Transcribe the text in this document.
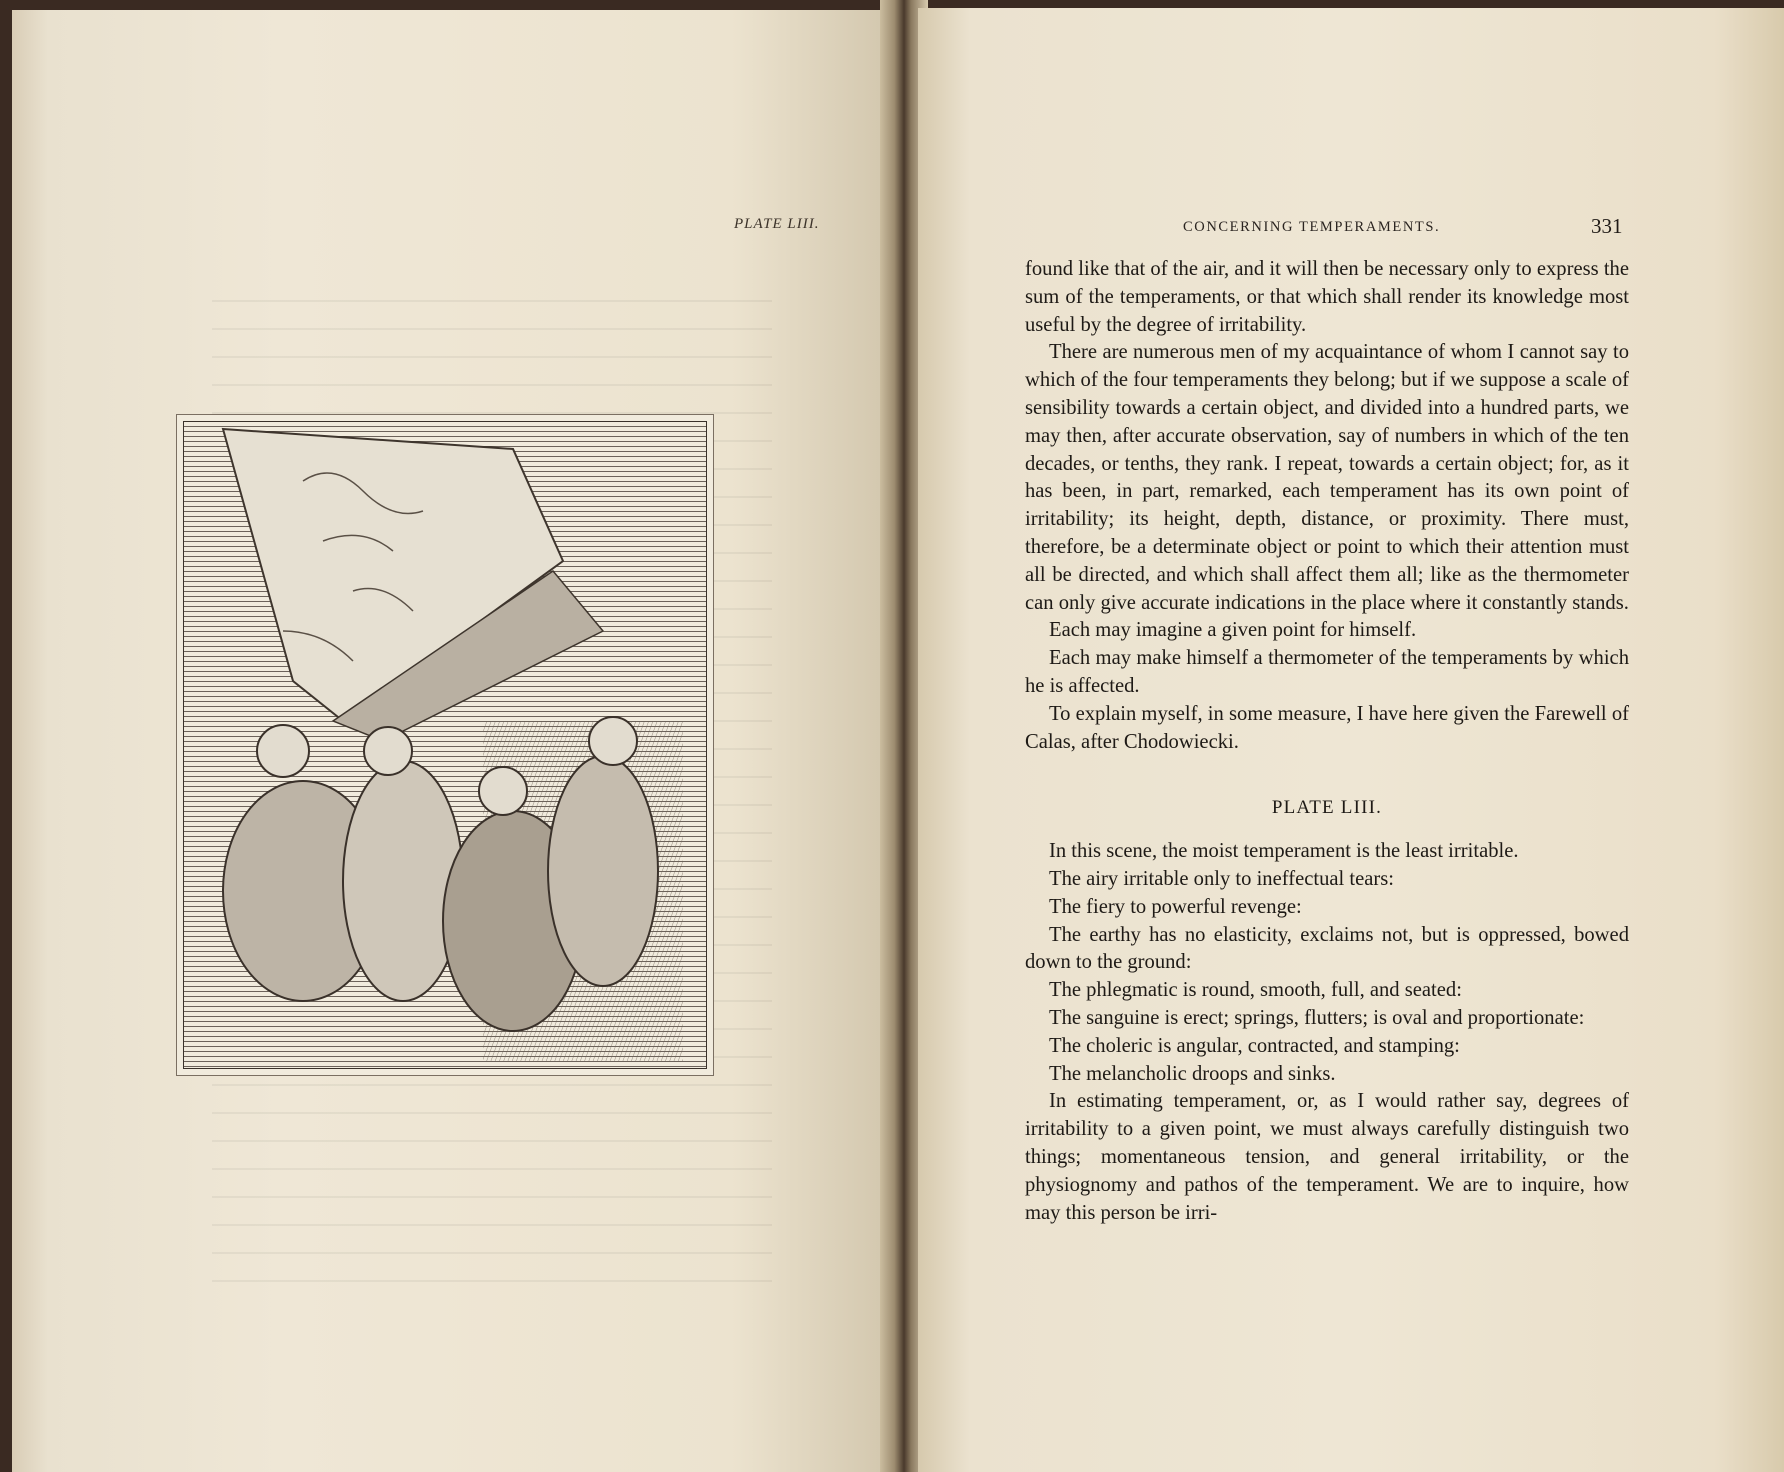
PLATE LIII.	CONCERNING TEMPERAMENTS.	331

found like that of the air, and it will then be necessary only to express the sum of the temperaments, or that which shall render its knowledge most useful by the degree of irritability.

There are numerous men of my acquaintance of whom I cannot say to which of the four temperaments they belong; but if we suppose a scale of sensibility towards a certain object, and divided into a hundred parts, we may then, after accurate observation, say of numbers in which of the ten decades, or tenths, they rank. I repeat, towards a certain object; for, as it has been, in part, remarked, each temperament has its own point of irritability; its height, depth, distance, or proximity. There must, therefore, be a determinate object or point to which their attention must all be directed, and which shall affect them all; like as the thermometer can only give accurate indications in the place where it constantly stands.

Each may imagine a given point for himself.

Each may make himself a thermometer of the temperaments by which he is affected.

To explain myself, in some measure, I have here given the Farewell of Calas, after Chodowiecki.

PLATE LIII.

In this scene, the moist temperament is the least irritable.

The airy irritable only to ineffectual tears:

The fiery to powerful revenge:

The earthy has no elasticity, exclaims not, but is oppressed, bowed down to the ground:

The phlegmatic is round, smooth, full, and seated:

The sanguine is erect; springs, flutters; is oval and proportionate:

The choleric is angular, contracted, and stamping:

The melancholic droops and sinks.

In estimating temperament, or, as I would rather say, degrees of irritability to a given point, we must always carefully distinguish two things; momentaneous tension, and general irritability, or the physiognomy and pathos of the temperament. We are to inquire, how may this person be irri-
